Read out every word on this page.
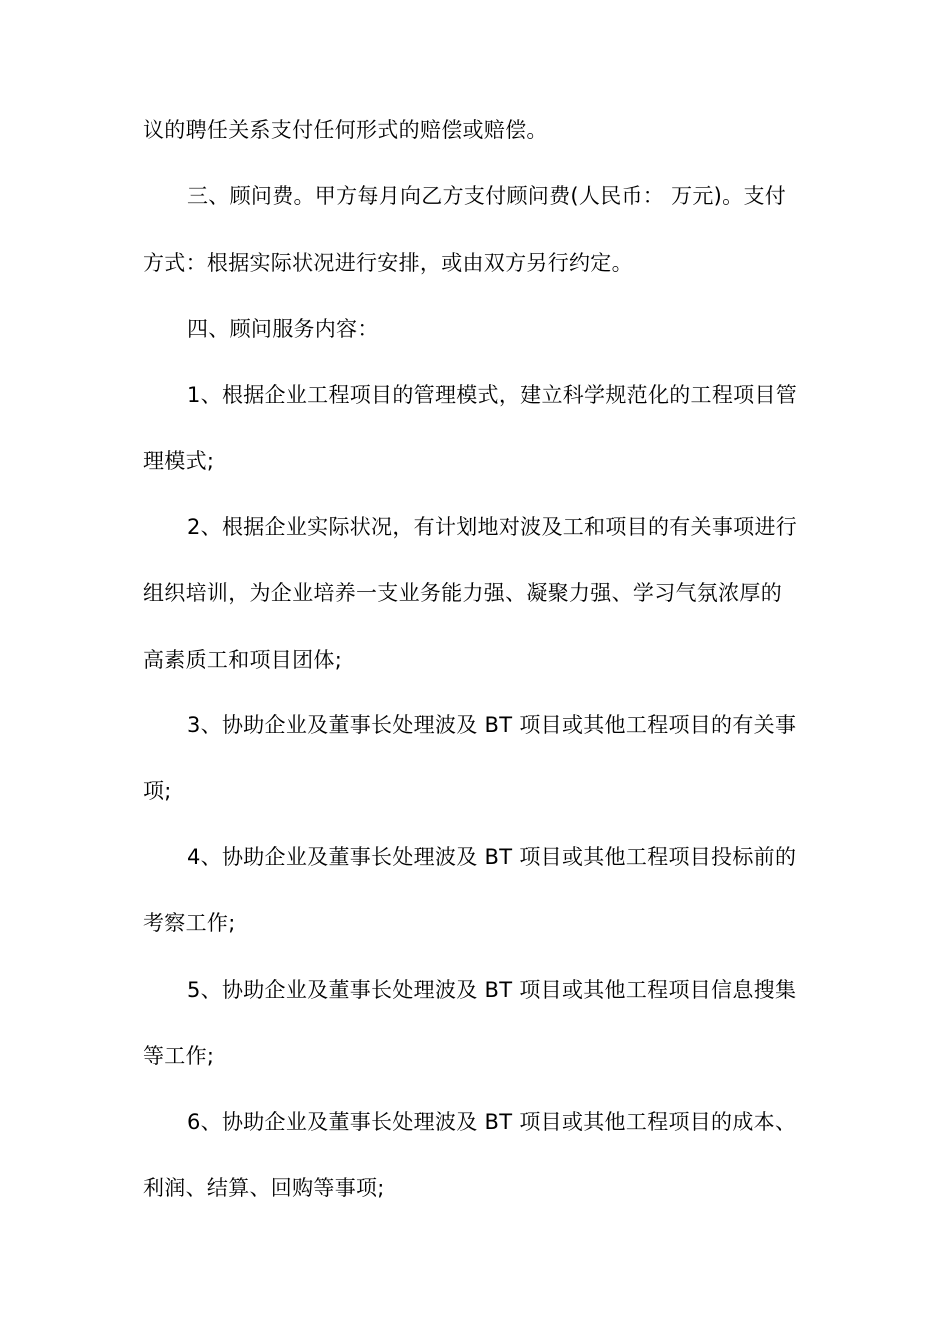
议的聘任关系支付任何形式的赔偿或赔偿。
三、顾问费。甲方每月向乙方支付顾问费(人民币： 万元)。支付
方式：根据实际状况进行安排，或由双方另行约定。
四、顾问服务内容：
1、根据企业工程项目的管理模式，建立科学规范化的工程项目管
理模式;
2、根据企业实际状况，有计划地对波及工和项目的有关事项进行
组织培训，为企业培养一支业务能力强、凝聚力强、学习气氛浓厚的
高素质工和项目团体;
3、协助企业及董事长处理波及 BT 项目或其他工程项目的有关事
项;
4、协助企业及董事长处理波及 BT 项目或其他工程项目投标前的
考察工作;
5、协助企业及董事长处理波及 BT 项目或其他工程项目信息搜集
等工作;
6、协助企业及董事长处理波及 BT 项目或其他工程项目的成本、
利润、结算、回购等事项;
